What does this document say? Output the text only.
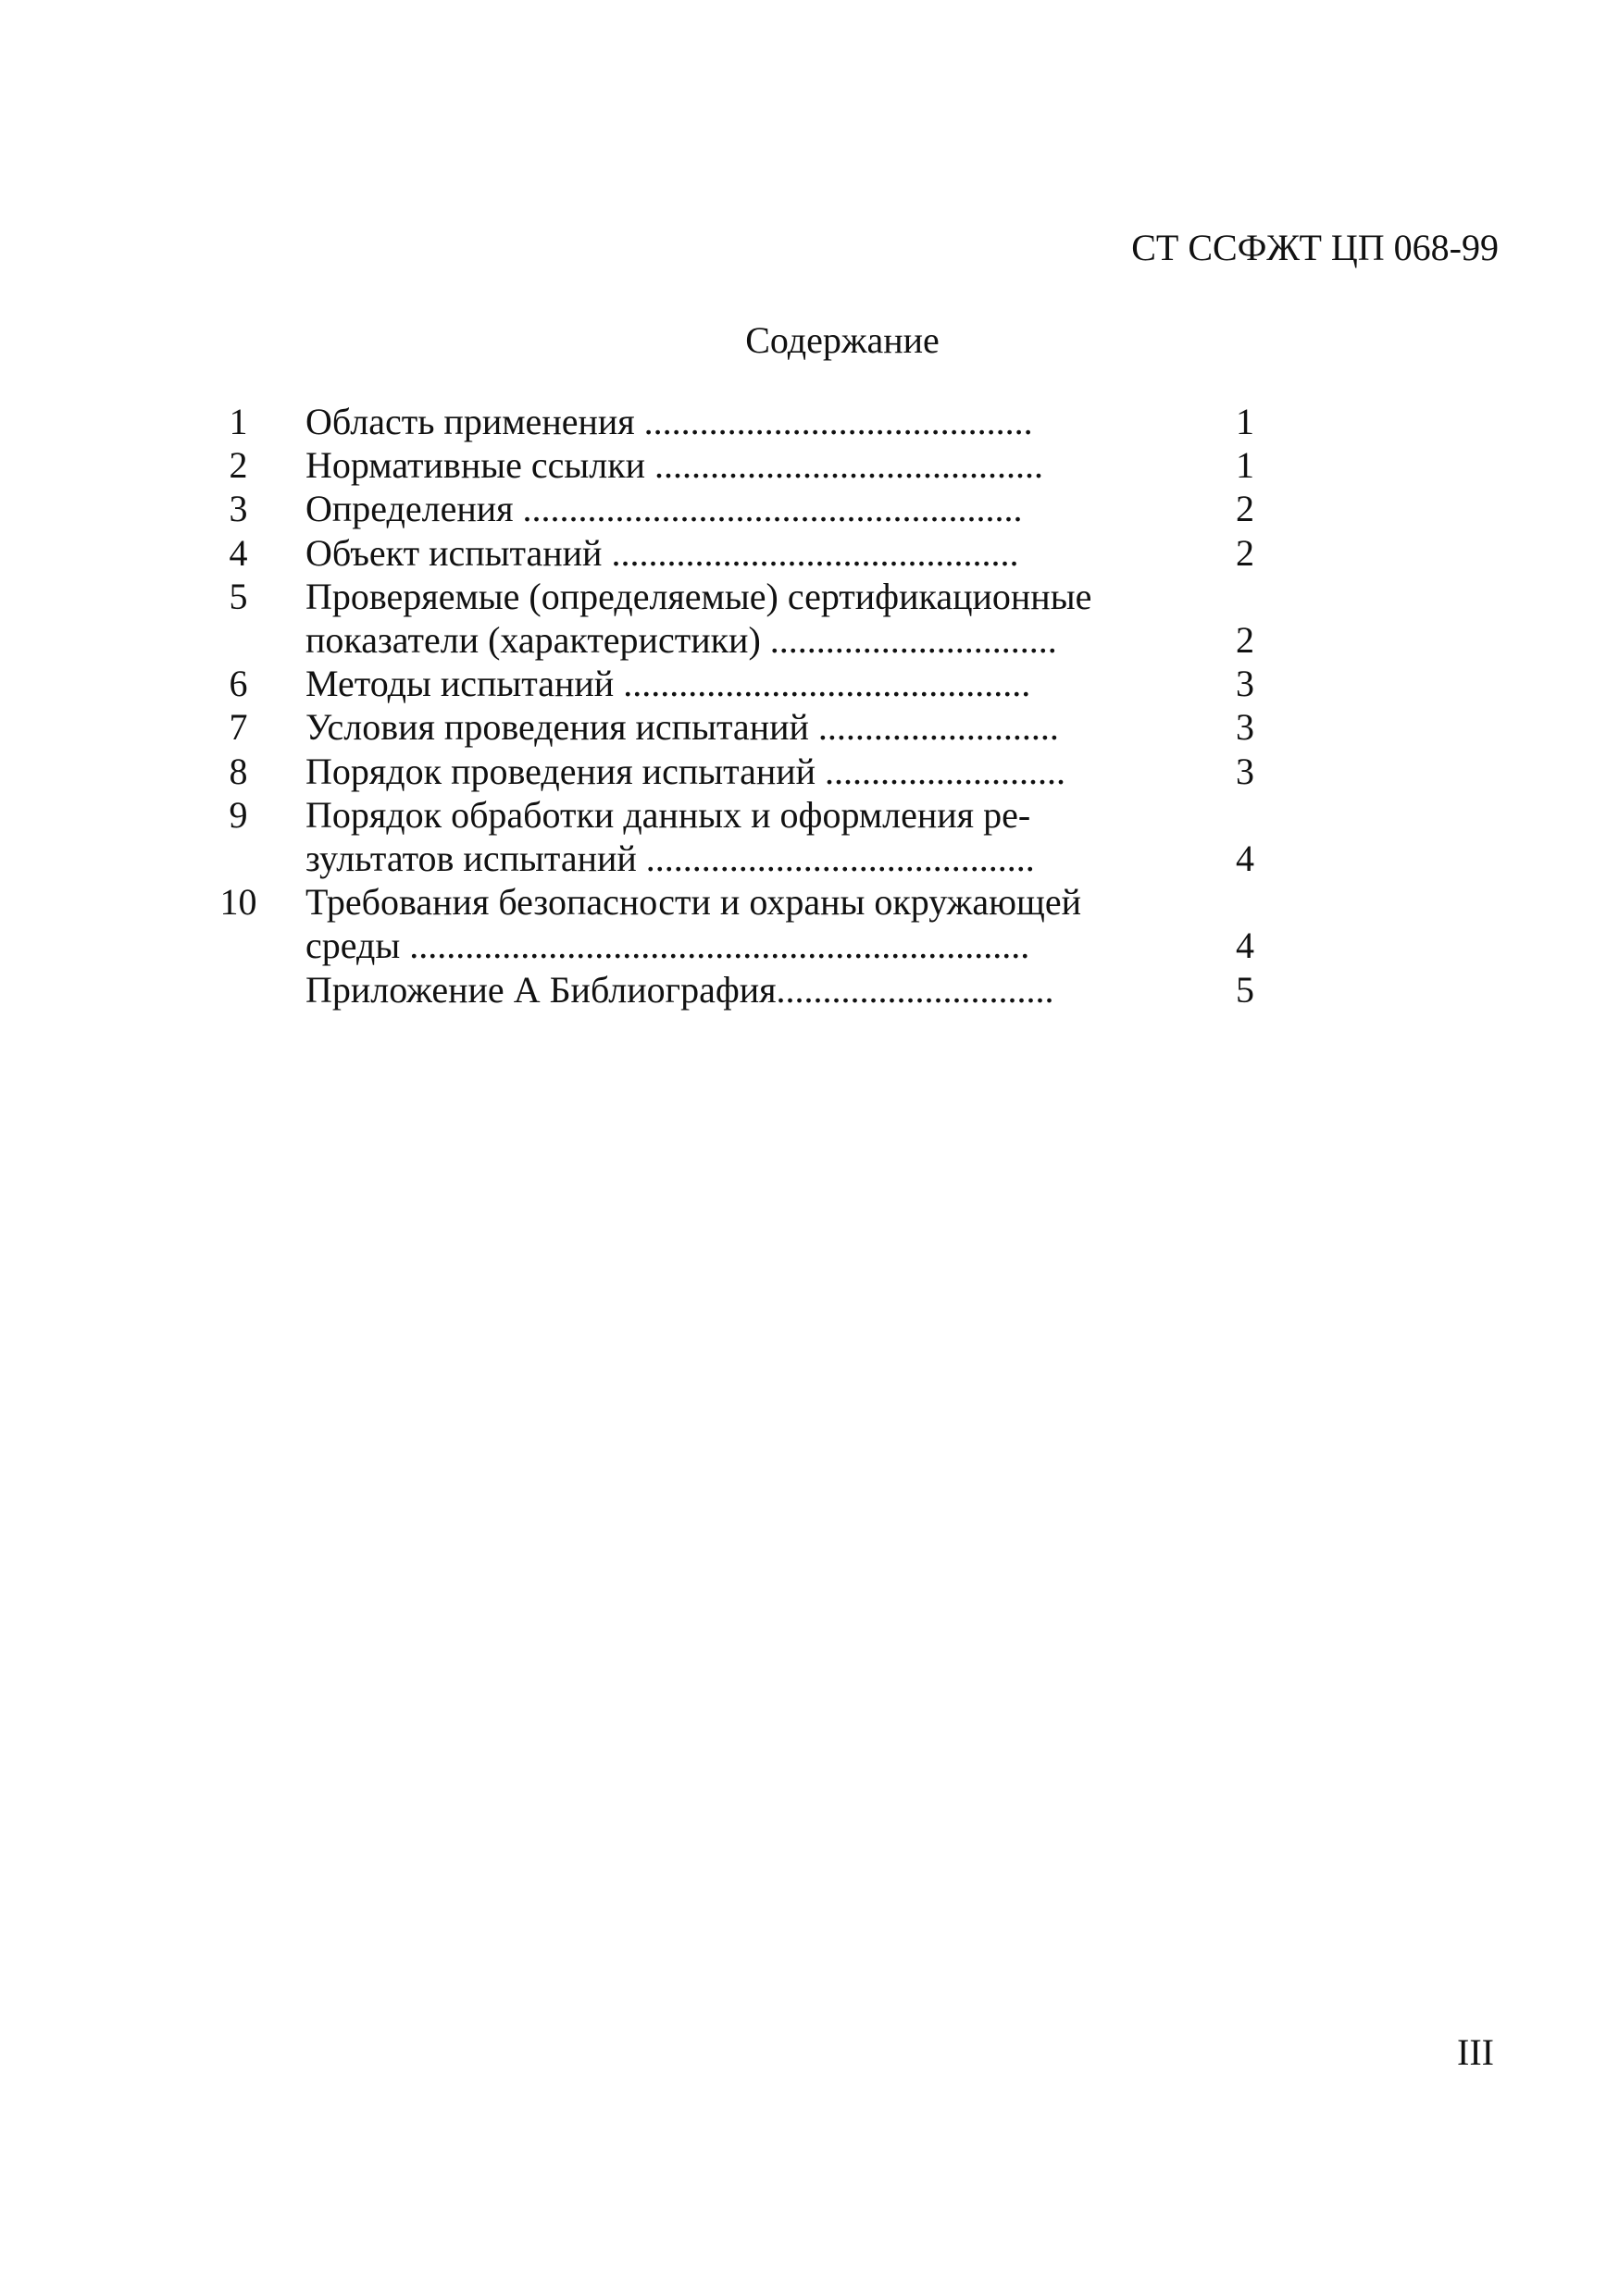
СТ ССФЖТ ЦП 068-99
Содержание
1	Область применения ..........................................	1
2	Нормативные ссылки ..........................................	1
3	Определения ......................................................	2
4	Объект испытаний ............................................	2
5	Проверяемые (определяемые) сертификационные
показатели (характеристики) ...............................	2
6	Методы испытаний ............................................	3
7	Условия проведения испытаний ..........................	3
8	Порядок проведения испытаний ..........................	3
9	Порядок обработки данных и оформления ре-
зультатов испытаний ..........................................	4
10	Требования безопасности и охраны окружающей
среды ...................................................................	4
Приложение А Библиография..............................	5
III
